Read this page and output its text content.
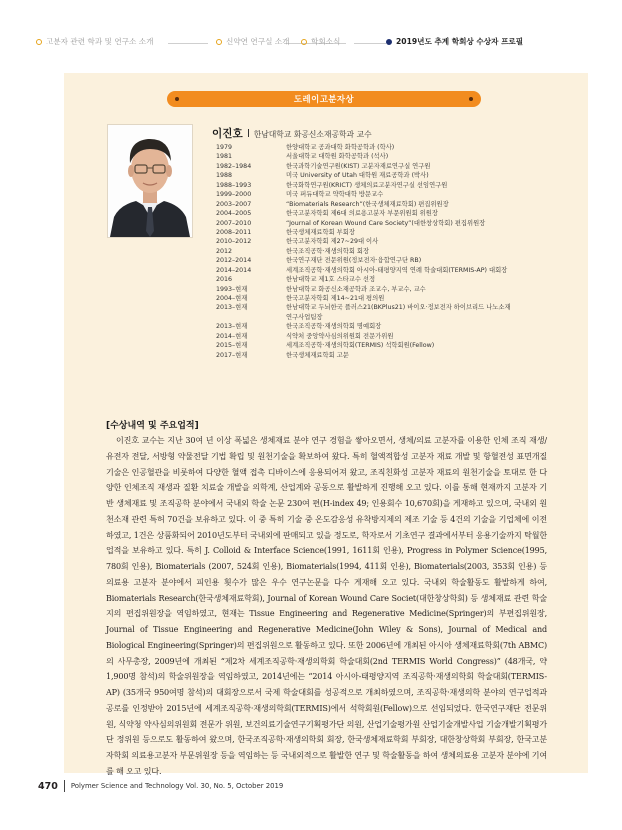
고분자 관련 학과 및 연구소 소개	신약연 연구실 소개	학회소식	2019년도 추계 학회상 수상자 프로필
도레이고분자상
이진호 한남대학교 화공신소재공학과 교수
1979	한양대학교 공과대학 화학공학과 (학사)
1981	서울대학교 대학원 화학공학과 (석사)
1982–1984	한국과학기술연구원(KIST) 고분자재료연구실 연구원
1988	미국 University of Utah 대학원 재료공학과 (박사)
1988–1993	한국화학연구원(KRICT) 생체의료고분자연구실 선임연구원
1999–2000	미국 퍼듀대학교 약학대학 방문교수
2003–2007	“Biomaterials Research”(한국생체재료학회) 편집위원장
2004–2005	한국고분자학회 제6대 의료용고분자 부문위원회 위원장
2007–2010	“Journal of Korean Wound Care Society”(대한창상학회) 편집위원장
2008–2011	한국생체재료학회 부회장
2010–2012	한국고분자학회 제27~29대 이사
2012	한국조직공학·재생의학회 회장
2012–2014	한국연구재단 전문위원(정보전자·융합연구단 RB)
2014–2014	세계조직공학·재생의학회 아시아-태평양지역 연례 학술대회(TERMIS-AP) 대회장
2016	한남대학교 제1호 스타교수 선정
1993–현재	한남대학교 화공신소재공학과 조교수, 부교수, 교수
2004–현재	한국고분자학회 제14~21대 평의원
2013–현재	한남대학교 두뇌한국 플러스21(BKPlus21) 바이오·정보전자 하이브리드 나노소재
연구사업팀장
2013–현재	한국조직공학·재생의학회 명예회장
2014–현재	식약처 중앙약사심의위원회 전문가위원
2015–현재	세계조직공학·재생의학회(TERMIS) 석학회원(Fellow)
2017–현재	한국생체재료학회 고문
[수상내역 및 주요업적]

이진호 교수는 지난 30여 년 이상 폭넓은 생체재료 분야 연구 경험을 쌓아오면서, 생체/의료 고분자를 이용한 인체 조직 재생/유전자 전달, 서방형 약물전달 기법 확립 및 원천기술을 확보하여 왔다. 특히 혈액적합성 고분자 재료 개발 및 항혈전성 표면개질 기술은 인공혈관을 비롯하여 다양한 혈액 접촉 디바이스에 응용되어져 왔고, 조직친화성 고분자 재료의 원천기술을 토대로 한 다양한 인체조직 재생과 질환 치료술 개발을 의학계, 산업계와 공동으로 활발하게 진행해 오고 있다. 이를 통해 현재까지 고분자 기반 생체재료 및 조직공학 분야에서 국내외 학술 논문 230여 편(H-index 49; 인용회수 10,670회)을 게재하고 있으며, 국내외 원천소재 관련 특허 70건을 보유하고 있다. 이 중 특히 기술 중 온도감응성 유착방지제의 제조 기술 등 4건의 기술을 기업체에 이전하였고, 1건은 상품화되어 2010년도부터 국내외에 판매되고 있을 정도로, 학자로서 기초연구 결과에서부터 응용기술까지 탁월한 업적을 보유하고 있다. 특히 J. Colloid & Interface Science(1991, 1611회 인용), Progress in Polymer Science(1995, 780회 인용), Biomaterials (2007, 524회 인용), Biomaterials(1994, 411회 인용), Biomaterials(2003, 353회 인용) 등 의료용 고분자 분야에서 피인용 횟수가 많은 우수 연구논문을 다수 게재해 오고 있다. 국내외 학술활동도 활발하게 하여, Biomaterials Research(한국생체재료학회), Journal of Korean Wound Care Societ(대한창상학회) 등 생체재료 관련 학술지의 편집위원장을 역임하였고, 현재는 Tissue Engineering and Regenerative Medicine(Springer)의 부편집위원장, Journal of Tissue Engineering and Regenerative Medicine(John Wiley & Sons), Journal of Medical and Biological Engineering(Springer)의 편집위원으로 활동하고 있다. 또한 2006년에 개최된 아시아 생체재료학회(7th ABMC)의 사무총장, 2009년에 개최된 “제2차 세계조직공학·재생의학회 학술대회(2nd TERMIS World Congress)” (48개국, 약 1,900명 참석)의 학술위원장을 역임하였고, 2014년에는 “2014 아시아-태평양지역 조직공학·재생의학회 학술대회(TERMIS-AP) (35개국 950여명 참석)의 대회장으로서 국제 학술대회를 성공적으로 개최하였으며, 조직공학·재생의학 분야의 연구업적과 공로를 인정받아 2015년에 세계조직공학·재생의학회(TERMIS)에서 석학회원(Fellow)으로 선임되었다. 한국연구재단 전문위원, 식약청 약사심의위원회 전문가 위원, 보건의료기술연구기획평가단 의원, 산업기술평가원 산업기술개발사업 기술개발기획평가단 정위원 등으로도 활동하여 왔으며, 한국조직공학·재생의학회 회장, 한국생체재료학회 부회장, 대한창상학회 부회장, 한국고분자학회 의료용고분자 부문위원장 등을 역임하는 등 국내외적으로 활발한 연구 및 학술활동을 하여 생체의료용 고분자 분야에 기여를 해 오고 있다.

470 Polymer Science and Technology Vol. 30, No. 5, October 2019
